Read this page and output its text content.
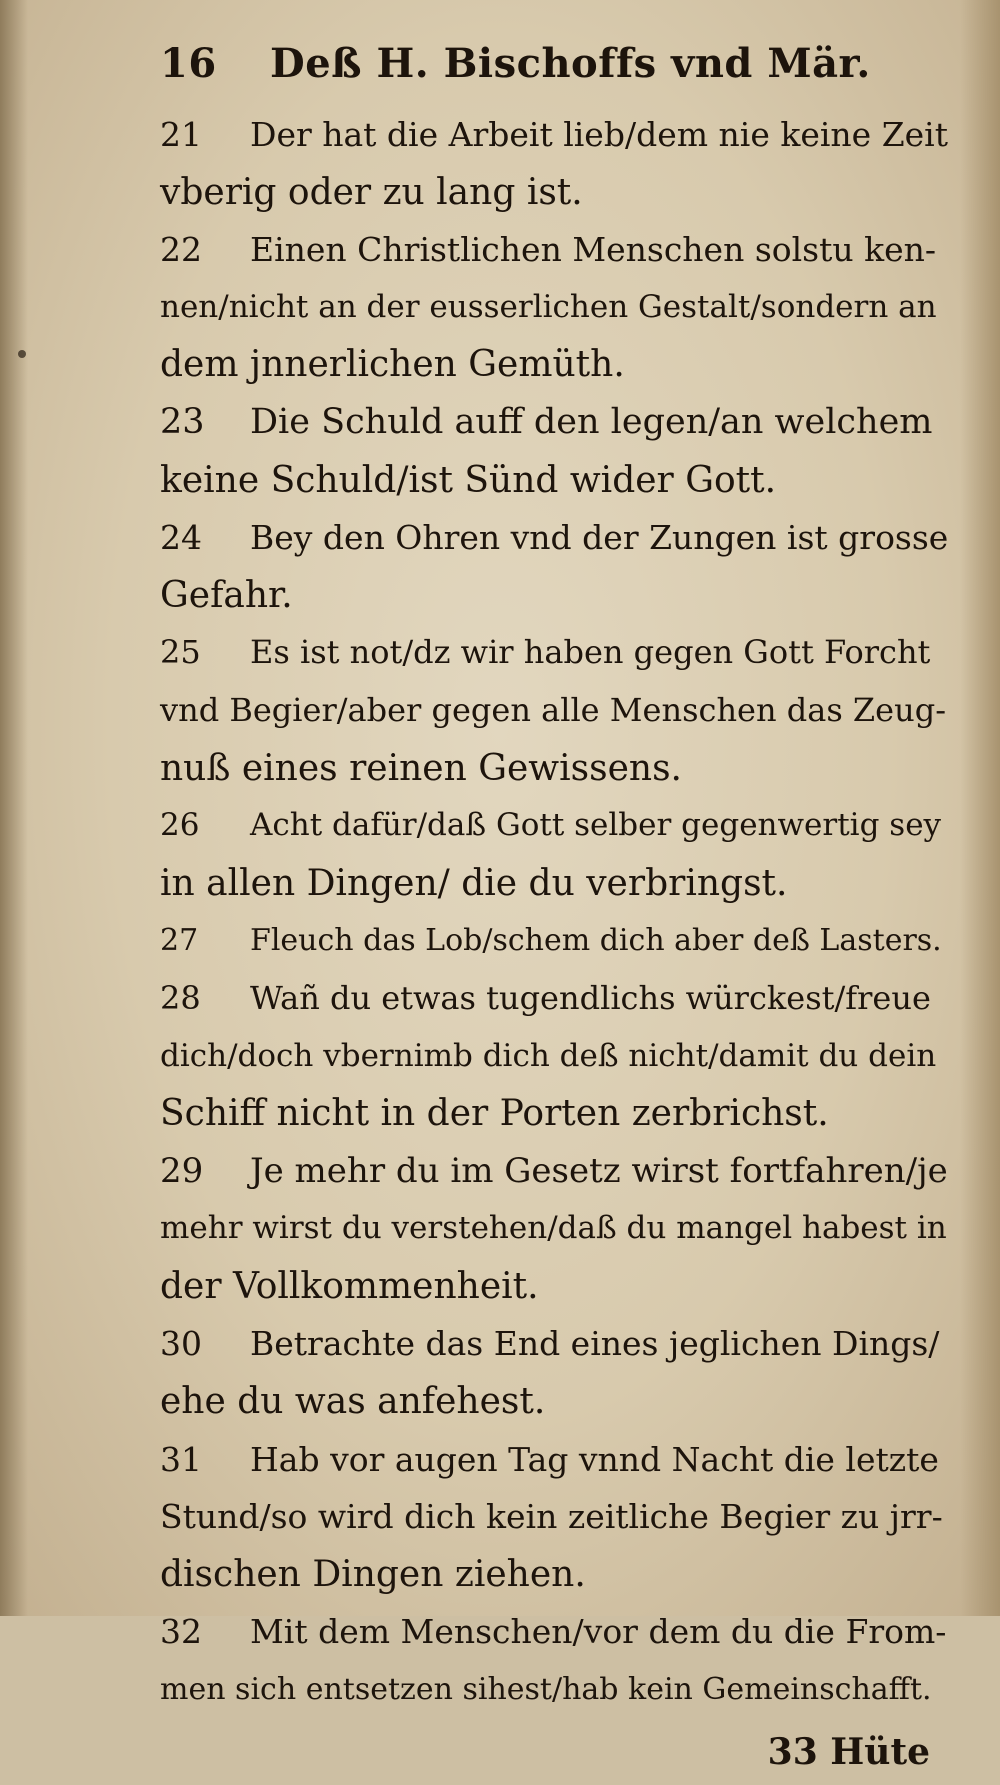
16	Deß H. Bischoffs vnd Mär.
21 Der hat die Arbeit lieb/dem nie keine Zeit
vberig oder zu lang ist.
22 Einen Christlichen Menschen solstu ken-
nen/nicht an der eusserlichen Gestalt/sondern an
dem jnnerlichen Gemüth.
23 Die Schuld auff den legen/an welchem
keine Schuld/ist Sünd wider Gott.
24 Bey den Ohren vnd der Zungen ist grosse
Gefahr.
25 Es ist not/dz wir haben gegen Gott Forcht
vnd Begier/aber gegen alle Menschen das Zeug-
nuß eines reinen Gewissens.
26 Acht dafür/daß Gott selber gegenwertig sey
in allen Dingen/ die du verbringst.
27 Fleuch das Lob/schem dich aber deß Lasters.
28 Wañ du etwas tugendlichs würckest/freue
dich/doch vbernimb dich deß nicht/damit du dein
Schiff nicht in der Porten zerbrichst.
29 Je mehr du im Gesetz wirst fortfahren/je
mehr wirst du verstehen/daß du mangel habest in
der Vollkommenheit.
30 Betrachte das End eines jeglichen Dings/
ehe du was anfehest.
31 Hab vor augen Tag vnnd Nacht die letzte
Stund/so wird dich kein zeitliche Begier zu jrr-
dischen Dingen ziehen.
32 Mit dem Menschen/vor dem du die From-
men sich entsetzen sihest/hab kein Gemeinschafft.
33 Hüte
